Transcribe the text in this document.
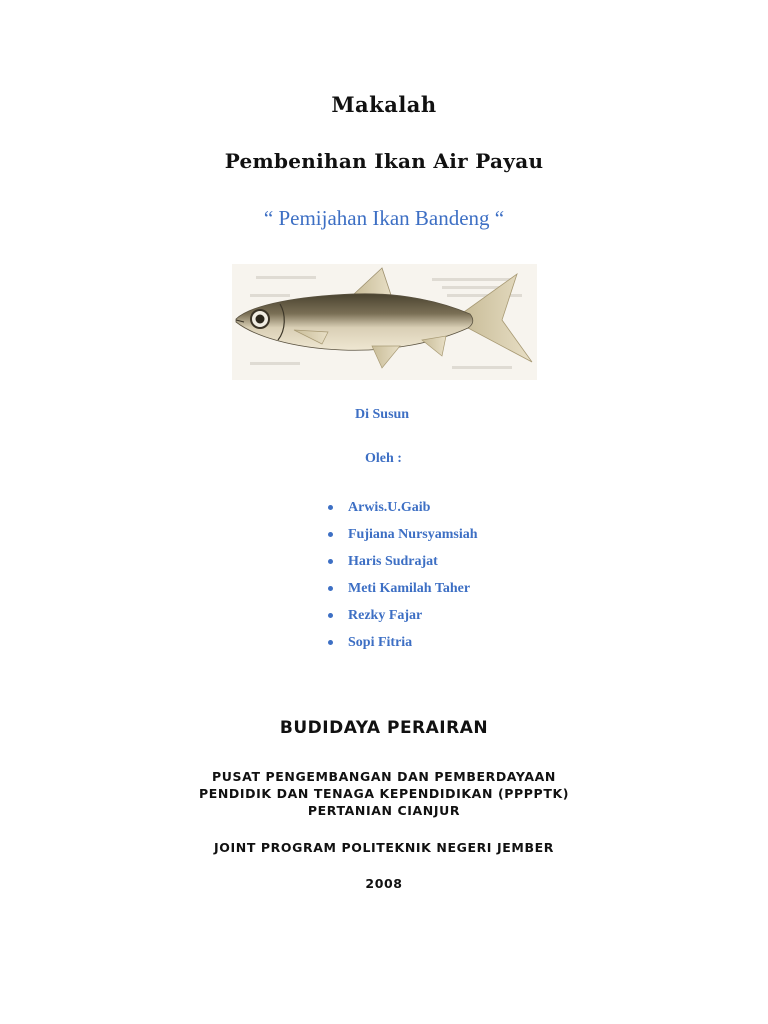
Makalah
Pembenihan Ikan Air Payau
“ Pemijahan Ikan Bandeng “
Di Susun
Oleh :
Arwis.U.Gaib
Fujiana Nursyamsiah
Haris Sudrajat
Meti Kamilah Taher
Rezky Fajar
Sopi Fitria
BUDIDAYA PERAIRAN
PUSAT PENGEMBANGAN DAN PEMBERDAYAAN
PENDIDIK DAN TENAGA KEPENDIDIKAN (PPPPTK)
PERTANIAN CIANJUR
JOINT PROGRAM POLITEKNIK NEGERI JEMBER
2008
